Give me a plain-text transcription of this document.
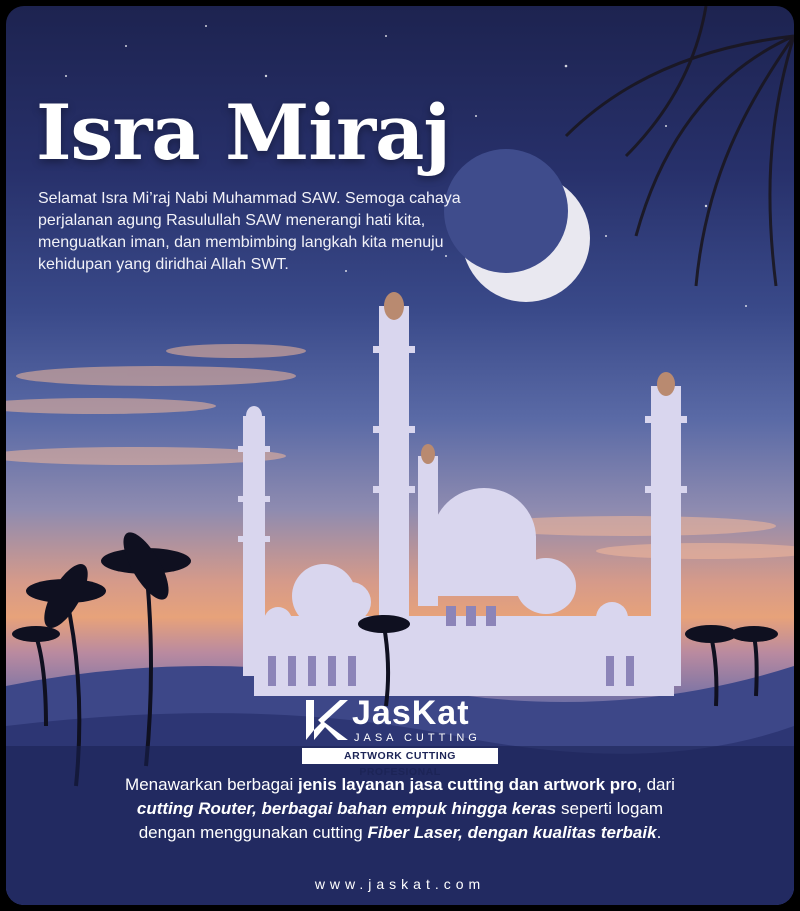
Isra Miraj

Selamat Isra Mi’raj Nabi Muhammad SAW. Semoga cahaya perjalanan agung Rasulullah SAW menerangi hati kita, menguatkan iman, dan membimbing langkah kita menuju kehidupan yang diridhai Allah SWT.

JasKat
JASA CUTTING
ARTWORK CUTTING PROFESIONAL

Menawarkan berbagai jenis layanan jasa cutting dan artwork pro, dari cutting Router, berbagai bahan empuk hingga keras seperti logam dengan menggunakan cutting Fiber Laser, dengan kualitas terbaik.

www.jaskat.com
